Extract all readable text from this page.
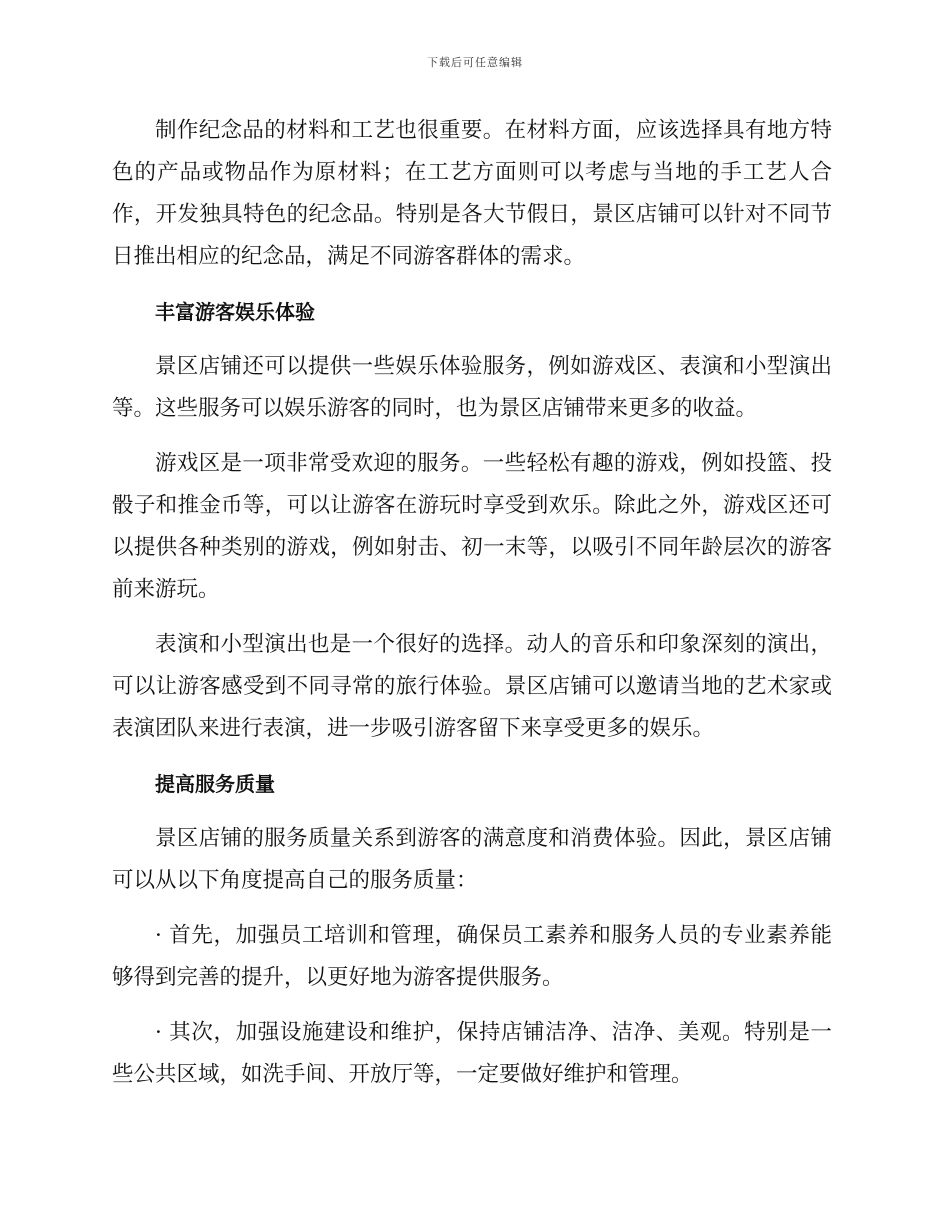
下载后可任意编辑

制作纪念品的材料和工艺也很重要。在材料方面，应该选择具有地方特色的产品或物品作为原材料；在工艺方面则可以考虑与当地的手工艺人合作，开发独具特色的纪念品。特别是各大节假日，景区店铺可以针对不同节日推出相应的纪念品，满足不同游客群体的需求。

丰富游客娱乐体验

景区店铺还可以提供一些娱乐体验服务，例如游戏区、表演和小型演出等。这些服务可以娱乐游客的同时，也为景区店铺带来更多的收益。

游戏区是一项非常受欢迎的服务。一些轻松有趣的游戏，例如投篮、投骰子和推金币等，可以让游客在游玩时享受到欢乐。除此之外，游戏区还可以提供各种类别的游戏，例如射击、初一末等，以吸引不同年龄层次的游客前来游玩。

表演和小型演出也是一个很好的选择。动人的音乐和印象深刻的演出，可以让游客感受到不同寻常的旅行体验。景区店铺可以邀请当地的艺术家或表演团队来进行表演，进一步吸引游客留下来享受更多的娱乐。

提高服务质量

景区店铺的服务质量关系到游客的满意度和消费体验。因此，景区店铺可以从以下角度提高自己的服务质量：

· 首先，加强员工培训和管理，确保员工素养和服务人员的专业素养能够得到完善的提升，以更好地为游客提供服务。

· 其次，加强设施建设和维护，保持店铺洁净、洁净、美观。特别是一些公共区域，如洗手间、开放厅等，一定要做好维护和管理。
